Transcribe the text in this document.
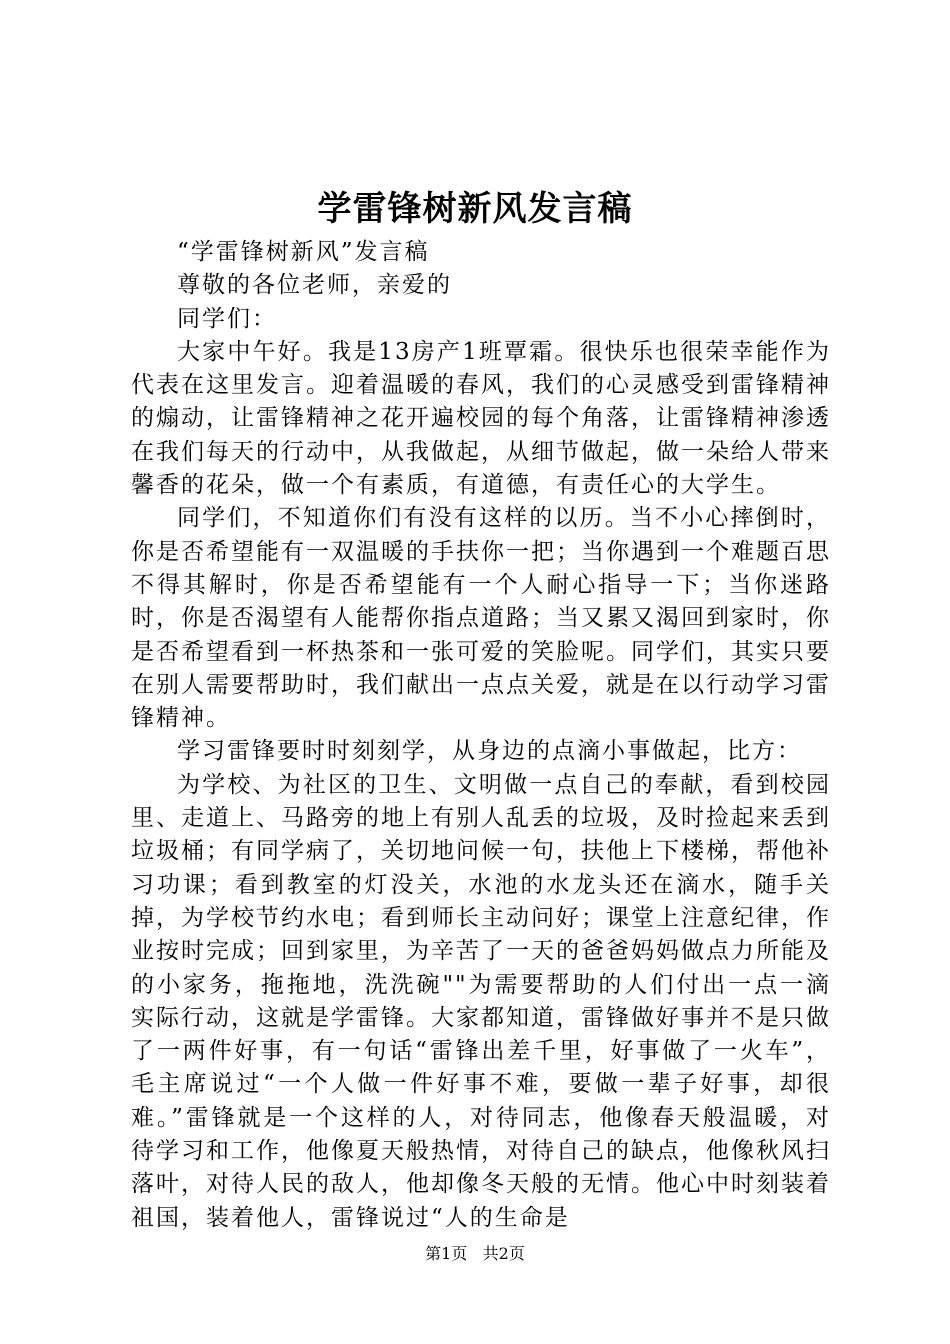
学雷锋树新风发言稿

“学雷锋树新风”发言稿

尊敬的各位老师，亲爱的

同学们：

大家中午好。我是13房产1班覃霜。很快乐也很荣幸能作为代表在这里发言。迎着温暖的春风，我们的心灵感受到雷锋精神的煽动，让雷锋精神之花开遍校园的每个角落，让雷锋精神渗透在我们每天的行动中，从我做起，从细节做起，做一朵给人带来馨香的花朵，做一个有素质，有道德，有责任心的大学生。

同学们，不知道你们有没有这样的以历。当不小心摔倒时，你是否希望能有一双温暖的手扶你一把；当你遇到一个难题百思不得其解时，你是否希望能有一个人耐心指导一下；当你迷路时，你是否渴望有人能帮你指点道路；当又累又渴回到家时，你是否希望看到一杯热茶和一张可爱的笑脸呢。同学们，其实只要在别人需要帮助时，我们献出一点点关爱，就是在以行动学习雷锋精神。

学习雷锋要时时刻刻学，从身边的点滴小事做起，比方：

为学校、为社区的卫生、文明做一点自己的奉献，看到校园里、走道上、马路旁的地上有别人乱丢的垃圾，及时捡起来丢到垃圾桶；有同学病了，关切地问候一句，扶他上下楼梯，帮他补习功课；看到教室的灯没关，水池的水龙头还在滴水，随手关掉，为学校节约水电；看到师长主动问好；课堂上注意纪律，作业按时完成；回到家里，为辛苦了一天的爸爸妈妈做点力所能及的小家务，拖拖地，洗洗碗""为需要帮助的人们付出一点一滴实际行动，这就是学雷锋。大家都知道，雷锋做好事并不是只做了一两件好事，有一句话“雷锋出差千里，好事做了一火车”，毛主席说过“一个人做一件好事不难，要做一辈子好事，却很难。”雷锋就是一个这样的人，对待同志，他像春天般温暖，对待学习和工作，他像夏天般热情，对待自己的缺点，他像秋风扫落叶，对待人民的敌人，他却像冬天般的无情。他心中时刻装着祖国，装着他人，雷锋说过“人的生命是

第1页 共2页
